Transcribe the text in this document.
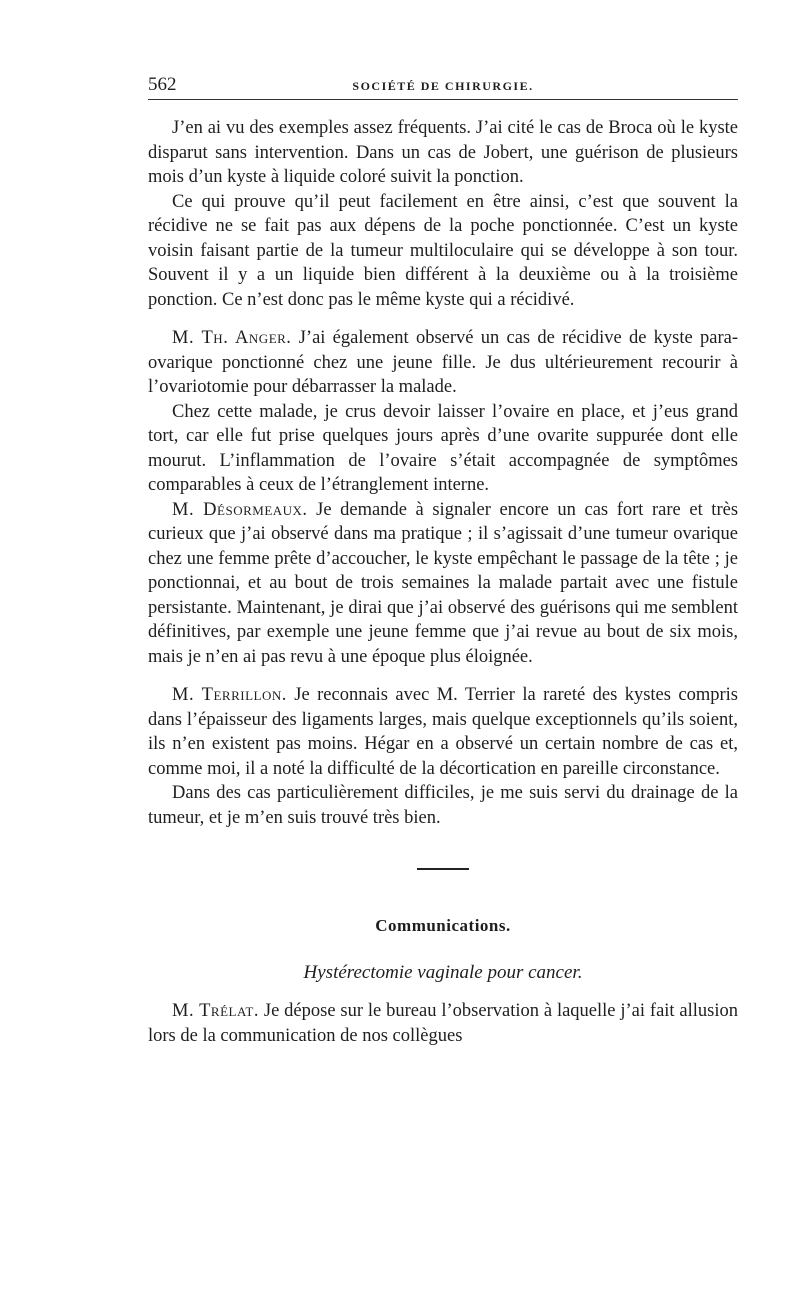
562	SOCIÉTÉ DE CHIRURGIE.

J’en ai vu des exemples assez fréquents. J’ai cité le cas de Broca où le kyste disparut sans intervention. Dans un cas de Jobert, une guérison de plusieurs mois d’un kyste à liquide coloré suivit la ponction.

Ce qui prouve qu’il peut facilement en être ainsi, c’est que souvent la récidive ne se fait pas aux dépens de la poche ponctionnée. C’est un kyste voisin faisant partie de la tumeur multiloculaire qui se développe à son tour. Souvent il y a un liquide bien différent à la deuxième ou à la troisième ponction. Ce n’est donc pas le même kyste qui a récidivé.

M. Th. Anger. J’ai également observé un cas de récidive de kyste para-ovarique ponctionné chez une jeune fille. Je dus ultérieurement recourir à l’ovariotomie pour débarrasser la malade.

Chez cette malade, je crus devoir laisser l’ovaire en place, et j’eus grand tort, car elle fut prise quelques jours après d’une ovarite suppurée dont elle mourut. L’inflammation de l’ovaire s’était accompagnée de symptômes comparables à ceux de l’étranglement interne.

M. Désormeaux. Je demande à signaler encore un cas fort rare et très curieux que j’ai observé dans ma pratique ; il s’agissait d’une tumeur ovarique chez une femme prête d’accoucher, le kyste empêchant le passage de la tête ; je ponctionnai, et au bout de trois semaines la malade partait avec une fistule persistante. Maintenant, je dirai que j’ai observé des guérisons qui me semblent définitives, par exemple une jeune femme que j’ai revue au bout de six mois, mais je n’en ai pas revu à une époque plus éloignée.

M. Terrillon. Je reconnais avec M. Terrier la rareté des kystes compris dans l’épaisseur des ligaments larges, mais quelque exceptionnels qu’ils soient, ils n’en existent pas moins. Hégar en a observé un certain nombre de cas et, comme moi, il a noté la difficulté de la décortication en pareille circonstance.

Dans des cas particulièrement difficiles, je me suis servi du drainage de la tumeur, et je m’en suis trouvé très bien.

Communications.
Hystérectomie vaginale pour cancer.

M. Trélat. Je dépose sur le bureau l’observation à laquelle j’ai fait allusion lors de la communication de nos collègues
